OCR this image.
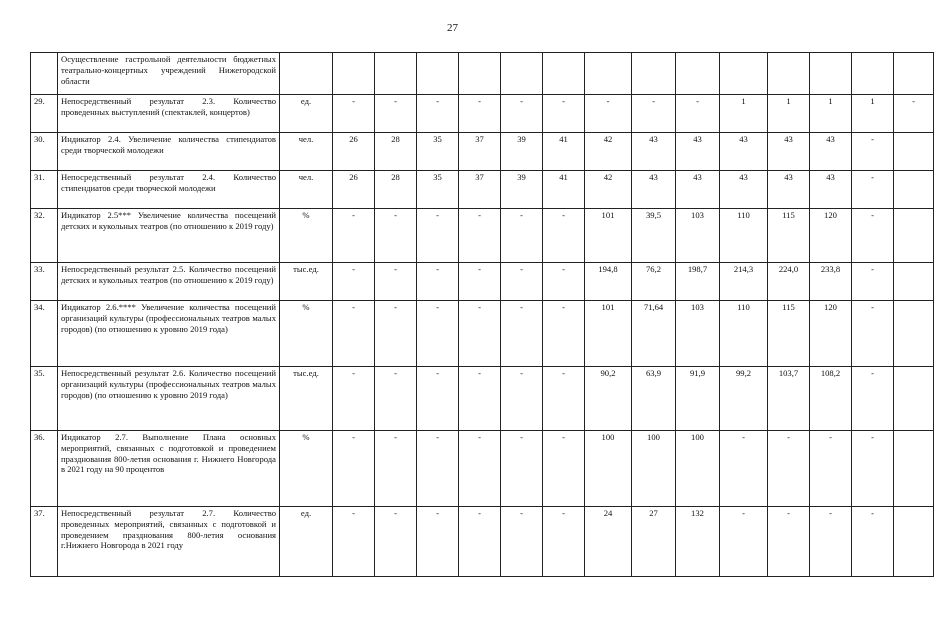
27
	Осуществление гастрольной деятельности бюджетных театрально-концертных учреждений Нижегородской области															
29.	Непосредственный результат 2.3. Количество проведенных выступлений (спектаклей, концертов)	ед.	-	-	-	-	-	-	-	-	-	1	1	1	1	-
30.	Индикатор 2.4. Увеличение количества стипендиатов среди творческой молодежи	чел.	26	28	35	37	39	41	42	43	43	43	43	43	-	
31.	Непосредственный результат 2.4. Количество стипендиатов среди творческой молодежи	чел.	26	28	35	37	39	41	42	43	43	43	43	43	-	
32.	Индикатор 2.5*** Увеличение количества посещений детских и кукольных театров (по отношению к 2019 году)	%	-	-	-	-	-	-	101	39,5	103	110	115	120	-	
33.	Непосредственный результат 2.5. Количество посещений детских и кукольных театров (по отношению к 2019 году)	тыс.ед.	-	-	-	-	-	-	194,8	76,2	198,7	214,3	224,0	233,8	-	
34.	Индикатор 2.6.**** Увеличение количества посещений организаций культуры (профессиональных театров малых городов) (по отношению к уровню 2019 года)	%	-	-	-	-	-	-	101	71,64	103	110	115	120	-	
35.	Непосредственный результат 2.6. Количество посещений организаций культуры (профессиональных театров малых городов) (по отношению к уровню 2019 года)	тыс.ед.	-	-	-	-	-	-	90,2	63,9	91,9	99,2	103,7	108,2	-	
36.	Индикатор 2.7. Выполнение Плана основных мероприятий, связанных с подготовкой и проведением празднования 800-летия основания г. Нижнего Новгорода в 2021 году на 90 процентов	%	-	-	-	-	-	-	100	100	100	-	-	-	-	
37.	Непосредственный результат 2.7. Количество проведенных мероприятий, связанных с подготовкой и проведением празднования 800-летия основания г.Нижнего Новгорода в 2021 году	ед.	-	-	-	-	-	-	24	27	132	-	-	-	-	
